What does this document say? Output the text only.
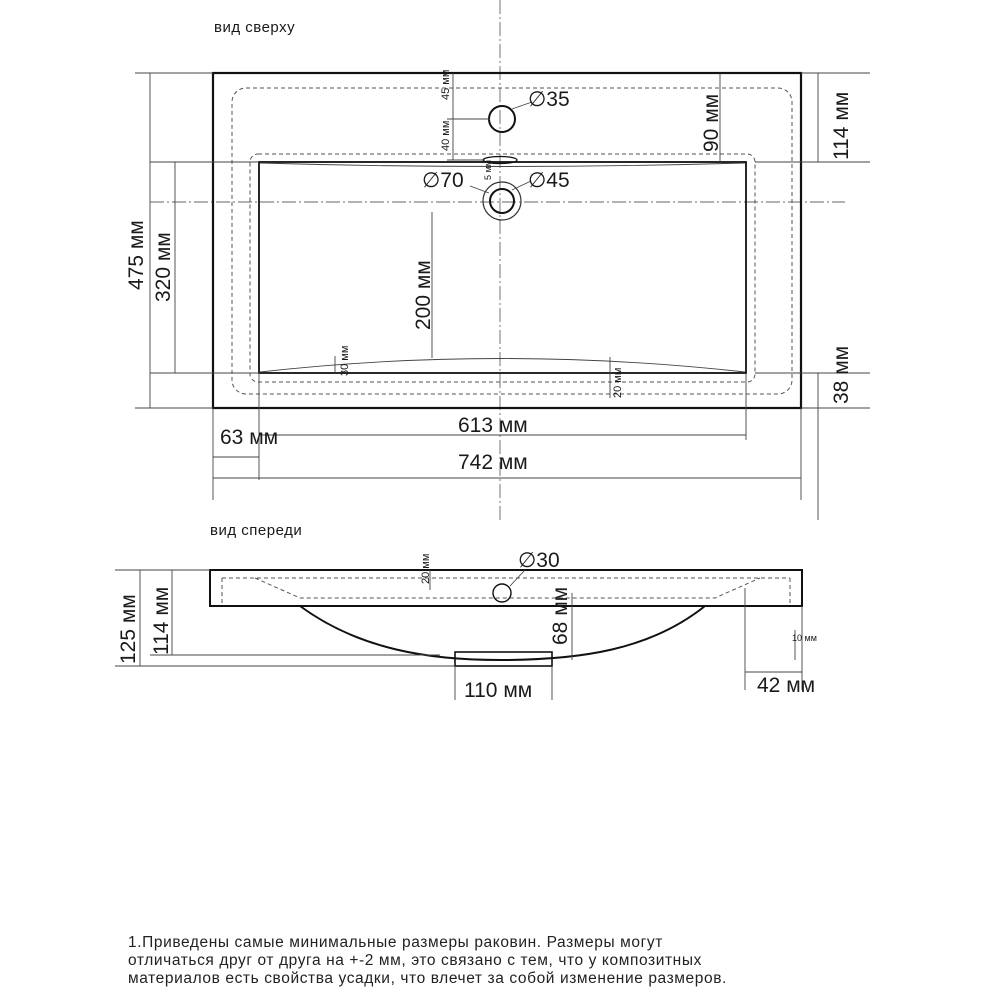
вид сверху
∅35
∅70	∅45
45 мм
40 мм
5 мм
90 мм	114 мм
38 мм
475 мм 320 мм	200 мм
30 мм
20 мм
613 мм
63 мм
742 мм
вид спереди
∅30
20 мм
68 мм
125 мм 114 мм
110 мм	42 мм
10 мм

1.Приведены самые минимальные размеры раковин. Размеры могут
отличаться друг от друга на +-2 мм, это связано с тем, что у композитных
материалов есть свойства усадки, что влечет за собой изменение размеров.
